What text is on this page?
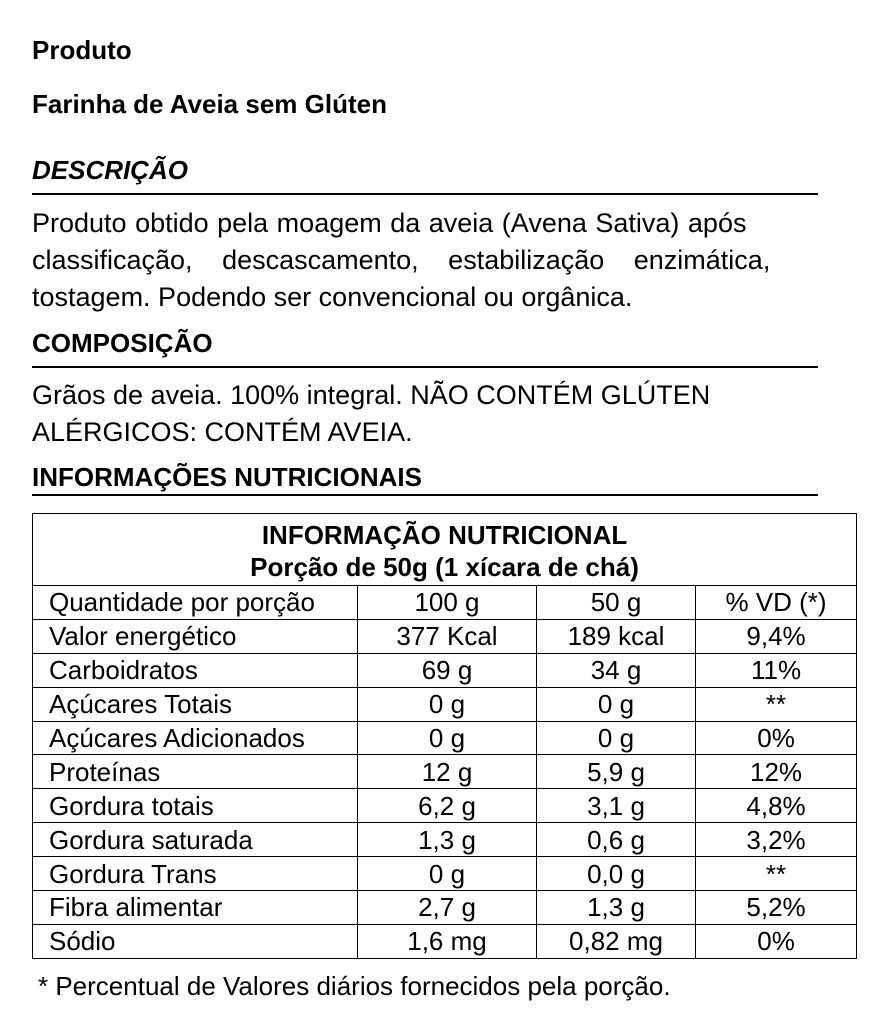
Produto
Farinha de Aveia sem Glúten
DESCRIÇÃO
Produto obtido pela moagem da aveia (Avena Sativa) após
classificação, descascamento, estabilização enzimática,
tostagem. Podendo ser convencional ou orgânica.
COMPOSIÇÃO
Grãos de aveia. 100% integral. NÃO CONTÉM GLÚTEN
ALÉRGICOS: CONTÉM AVEIA.
INFORMAÇÕES NUTRICIONAIS
INFORMAÇÃO NUTRICIONAL
Porção de 50g (1 xícara de chá)			

Quantidade por porção	100 g	50 g	% VD (*)
Valor energético	377 Kcal	189 kcal	9,4%
Carboidratos	69 g	34 g	11%
Açúcares Totais	0 g	0 g	**
Açúcares Adicionados	0 g	0 g	0%
Proteínas	12 g	5,9 g	12%
Gordura totais	6,2 g	3,1 g	4,8%
Gordura saturada	1,3 g	0,6 g	3,2%
Gordura Trans	0 g	0,0 g	**
Fibra alimentar	2,7 g	1,3 g	5,2%
Sódio	1,6 mg	0,82 mg	0%

* Percentual de Valores diários fornecidos pela porção.
